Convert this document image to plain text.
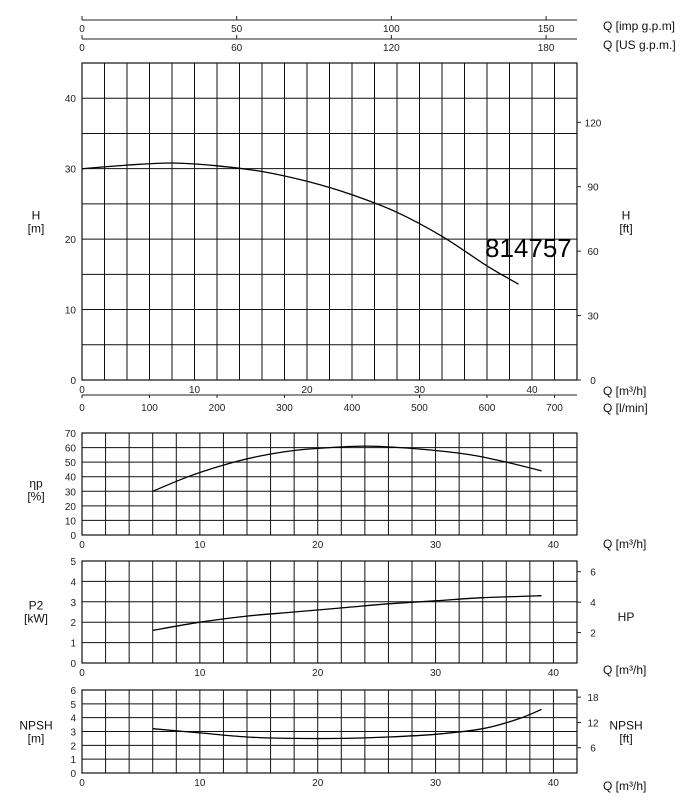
0	50	100	150	Q [imp g.p.m]
0	60	120	180	Q [US g.p.m.]
0
10
20
30
40
H
[m]
0
30
60
90
120
H
[ft]
0	10	20	30	40	Q [m³/h]
0	100	200	300	400	500	600	700	Q [l/min]
0
10
20
30
40
50
60
70
ηp
[%]
0	10	20	30	40	Q [m³/h]
0
1
2
3
4
5
P2
[kW]
2
4
6
HP
0	10	20	30	40	Q [m³/h]
0
1
2
3
4
5
6
NPSH
[m]
6
12
18
NPSH
[ft]
0	10	20	30	40	Q [m³/h]
814757
